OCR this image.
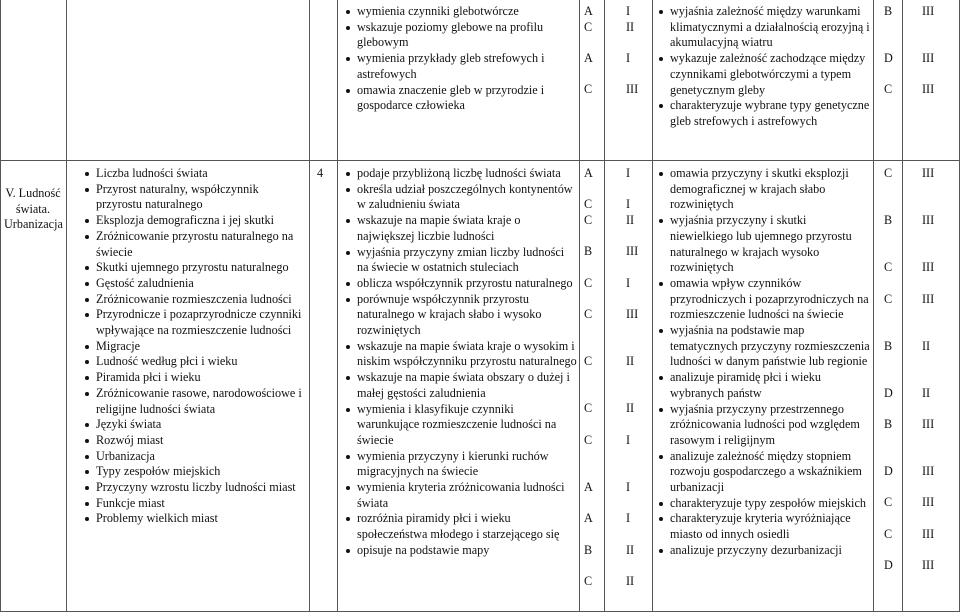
wymienia czynniki glebotwórcze
wskazuje poziomy glebowe na profilu glebowym
wymienia przykłady gleb strefowych i astrefowych
omawia znaczenie gleb w przyrodzie i gospodarce człowieka
A
C
A
C
I
II
I
III
wyjaśnia zależność między warunkami klimatycznymi a działalnością erozyjną i akumulacyjną wiatru
wykazuje zależność zachodzące między czynnikami glebotwórczymi a typem genetycznym gleby
charakteryzuje wybrane typy genetyczne gleb strefowych i astrefowych
B
D
C
III
III
III
V. Ludność świata. Urbanizacja
Liczba ludności świata
Przyrost naturalny, współczynnik przyrostu naturalnego
Eksplozja demograficzna i jej skutki
Zróżnicowanie przyrostu naturalnego na świecie
Skutki ujemnego przyrostu naturalnego
Gęstość zaludnienia
Zróżnicowanie rozmieszczenia ludności
Przyrodnicze i pozaprzyrodnicze czynniki wpływające na rozmieszczenie ludności
Migracje
Ludność według płci i wieku
Piramida płci i wieku
Zróżnicowanie rasowe, narodowościowe i religijne ludności świata
Języki świata
Rozwój miast
Urbanizacja
Typy zespołów miejskich
Przyczyny wzrostu liczby ludności miast
Funkcje miast
Problemy wielkich miast
4	podaje przybliżoną liczbę ludności świata
określa udział poszczególnych kontynentów w zaludnieniu świata
wskazuje na mapie świata kraje o największej liczbie ludności
wyjaśnia przyczyny zmian liczby ludności na świecie w ostatnich stuleciach
oblicza współczynnik przyrostu naturalnego
porównuje współczynnik przyrostu naturalnego w krajach słabo i wysoko rozwiniętych
wskazuje na mapie świata kraje o wysokim i niskim współczynniku przyrostu naturalnego
wskazuje na mapie świata obszary o dużej i małej gęstości zaludnienia
wymienia i klasyfikuje czynniki warunkujące rozmieszczenie ludności na świecie
wymienia przyczyny i kierunki ruchów migracyjnych na świecie
wymienia kryteria zróżnicowania ludności świata
rozróżnia piramidy płci i wieku społeczeństwa młodego i starzejącego się
opisuje na podstawie mapy
A
C
C
B
C
C
C
C
C
A
A
B
C
I
I
II
III
I
III
II
II
I
I
I
II
II
omawia przyczyny i skutki eksplozji demograficznej w krajach słabo rozwiniętych
wyjaśnia przyczyny i skutki niewielkiego lub ujemnego przyrostu naturalnego w krajach wysoko rozwiniętych
omawia wpływ czynników przyrodniczych i pozaprzyrodniczych na rozmieszczenie ludności na świecie
wyjaśnia na podstawie map tematycznych przyczyny rozmieszczenia ludności w danym państwie lub regionie
analizuje piramidę płci i wieku wybranych państw
wyjaśnia przyczyny przestrzennego zróżnicowania ludności pod względem rasowym i religijnym
analizuje zależność między stopniem rozwoju gospodarczego a wskaźnikiem urbanizacji
charakteryzuje typy zespołów miejskich
charakteryzuje kryteria wyróżniające miasto od innych osiedli
analizuje przyczyny dezurbanizacji
C
B
C
C
B
D
B
D
C
C
D
III
III
III
III
II
II
III
III
III
III
III
